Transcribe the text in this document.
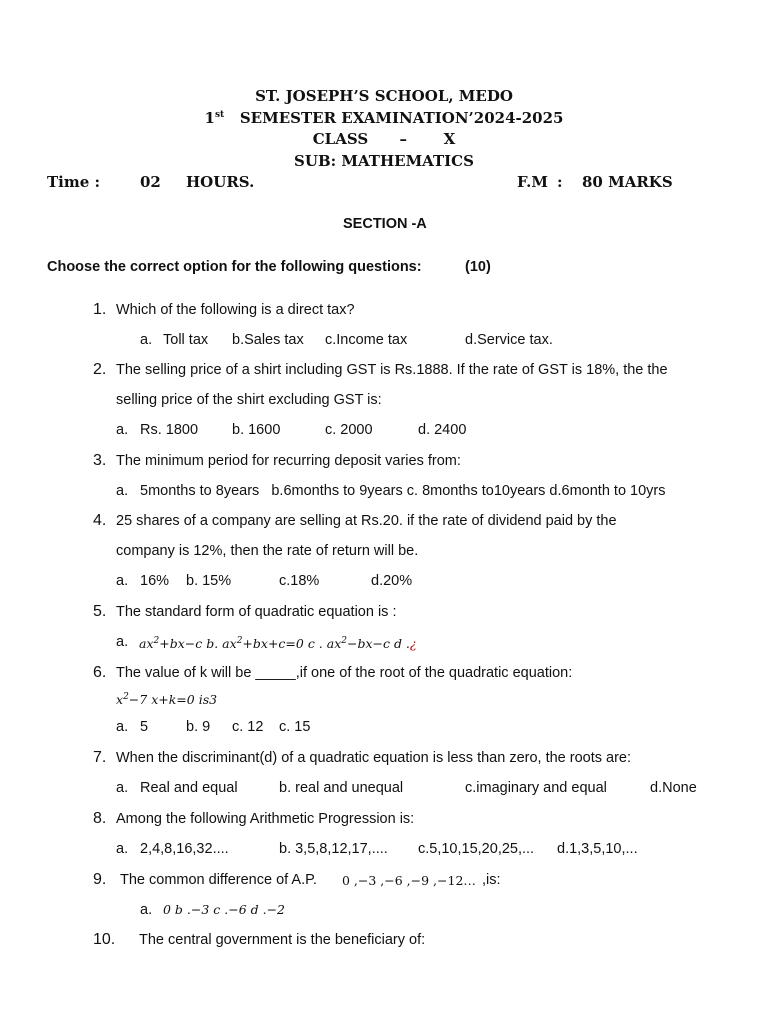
ST. JOSEPH’S SCHOOL, MEDO
1st SEMESTER EXAMINATION’2024-2025
CLASS – X
SUB: MATHEMATICS
Time :	02 HOURS.	F.M : 80 MARKS
SECTION -A
Choose the correct option for the following questions:	(10)
1. Which of the following is a direct tax?
a. Toll tax b.Sales tax c.Income tax	d.Service tax.
2. The selling price of a shirt including GST is Rs.1888. If the rate of GST is 18%, the the
selling price of the shirt excluding GST is:
a. Rs. 1800 b. 1600	c. 2000	d. 2400
3. The minimum period for recurring deposit varies from:
a. 5months to 8years   b.6months to 9years c. 8months to10years d.6month to 10yrs
4. 25 shares of a company are selling at Rs.20. if the rate of dividend paid by the
company is 12%, then the rate of return will be.
a. 16% b. 15%	c.18%	d.20%
5. The standard form of quadratic equation is :
a. $ax^2+bx-c$ b. $ax^2+bx+c=0$ c . $ax^2-bx-c$ d .¿
6. The value of k will be _____,if one of the root of the quadratic equation:
$x^2-7$ x+k=0 is3
a. 5	b. 9 c. 12 c. 15
7. When the discriminant(d) of a quadratic equation is less than zero, the roots are:
a. Real and equal	b. real and unequal	c.imaginary and equal	d.None
8. Among the following Arithmetic Progression is:
a. 2,4,8,16,32....	b. 3,5,8,12,17,.... c.5,10,15,20,25,... d.1,3,5,10,...
9. The common difference of A.P. 0 ,−3 ,−6 ,−9 ,−12… ,is:
a. 0 b .−3 c .−6 d .−2
10. The central government is the beneficiary of:
